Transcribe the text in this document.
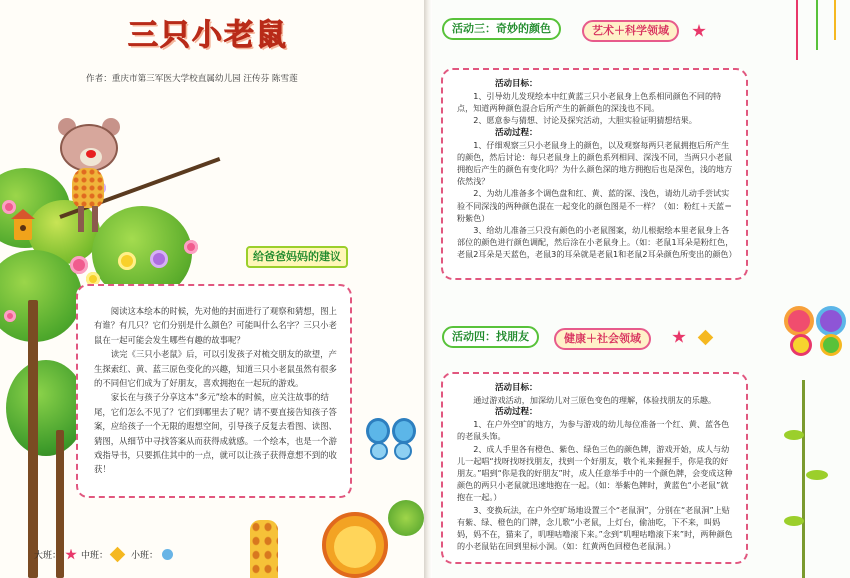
三只小老鼠
作者：重庆市第三军医大学校直属幼儿园 汪传芬 陈雪莲
给爸爸妈妈的建议

阅读这本绘本的时候，先对他的封面进行了观察和猜想，图上有谁？有几只？它们分别是什么颜色？可能叫什么名字？三只小老鼠在一起可能会发生哪些有趣的故事呢？

读完《三只小老鼠》后，可以引发孩子对梳交朋友的欲望，产生探索红、黄、蓝三原色变化的兴趣，知道三只小老鼠虽然有很多的不同但它们成为了好朋友，喜欢拥抱在一起玩的游戏。

家长在与孩子分享这本“多元”绘本的时候，应关注故事的结尾，它们怎么不见了？它们到哪里去了呢？请不要直接告知孩子答案，应给孩子一个无限的遐想空间，引导孩子反复去看图、读图、猜图，从细节中寻找答案从而获得成就感。一个绘本，也是一个游戏指导书，只要抓住其中的一点，就可以让孩子获得意想不到的收获！

大班： 中班：	小班：
活动三：奇妙的颜色	艺术＋科学领域
活动目标：

1、引导幼儿发现绘本中红黄蓝三只小老鼠身上色系相同颜色不同的特点，知道两种颜色混合后所产生的新颜色的深浅也不同。

2、愿意参与猜想、讨论及探究活动，大胆实验证明猜想结果。

活动过程：

1、仔细观察三只小老鼠身上的颜色，以及观察每两只老鼠拥抱后所产生的颜色，然后讨论：每只老鼠身上的颜色系列相同、深浅不同，当两只小老鼠拥抱后产生的颜色有变化吗？为什么颜色深的地方拥抱后也是深色，浅的地方依然浅？

2、为幼儿准备多个调色盘和红、黄、蓝的深、浅色，请幼儿动手尝试实验不同深浅的两种颜色混在一起变化的颜色图是不一样？（如：粉红＋天蓝＝粉紫色）

3、给幼儿准备三只没有颜色的小老鼠图案，幼儿根据绘本里老鼠身上各部位的颜色进行颜色调配，然后涂在小老鼠身上。（如：老鼠1耳朵是粉红色，老鼠2耳朵是天蓝色，老鼠3的耳朵就是老鼠1和老鼠2耳朵颜色所变出的颜色）

活动四：找朋友	健康＋社会领域
活动目标：

通过游戏活动，加深幼儿对三原色变色的理解，体验找朋友的乐趣。

活动过程：

1、在户外空旷的地方，为参与游戏的幼儿每位准备一个红、黄、蓝各色的老鼠头饰。

2、成人手里各有橙色、紫色、绿色三色的颜色牌，游戏开始，成人与幼儿一起唱“找呀找呀找朋友，找到一个好朋友，敬个礼来握握手，你是我的好朋友。”唱到“你是我的好朋友”时，成人任意举手中的一个颜色牌，会变成这种颜色的两只小老鼠就迅速地抱在一起。（如：举紫色牌时，黄蓝色“小老鼠”就抱在一起。）

3、变换玩法，在户外空旷场地设置三个“老鼠洞”，分别在“老鼠洞”上贴有紫、绿、橙色的门牌，念儿歌“小老鼠，上灯台，偷油吃，下不来，叫妈妈，妈不在，猫来了，叽哩咕噜滚下来。”念到“叽哩咕噜滚下来”时，两种颜色的小老鼠钻在回到里标小洞。（如：红黄两色回橙色老鼠洞。）
